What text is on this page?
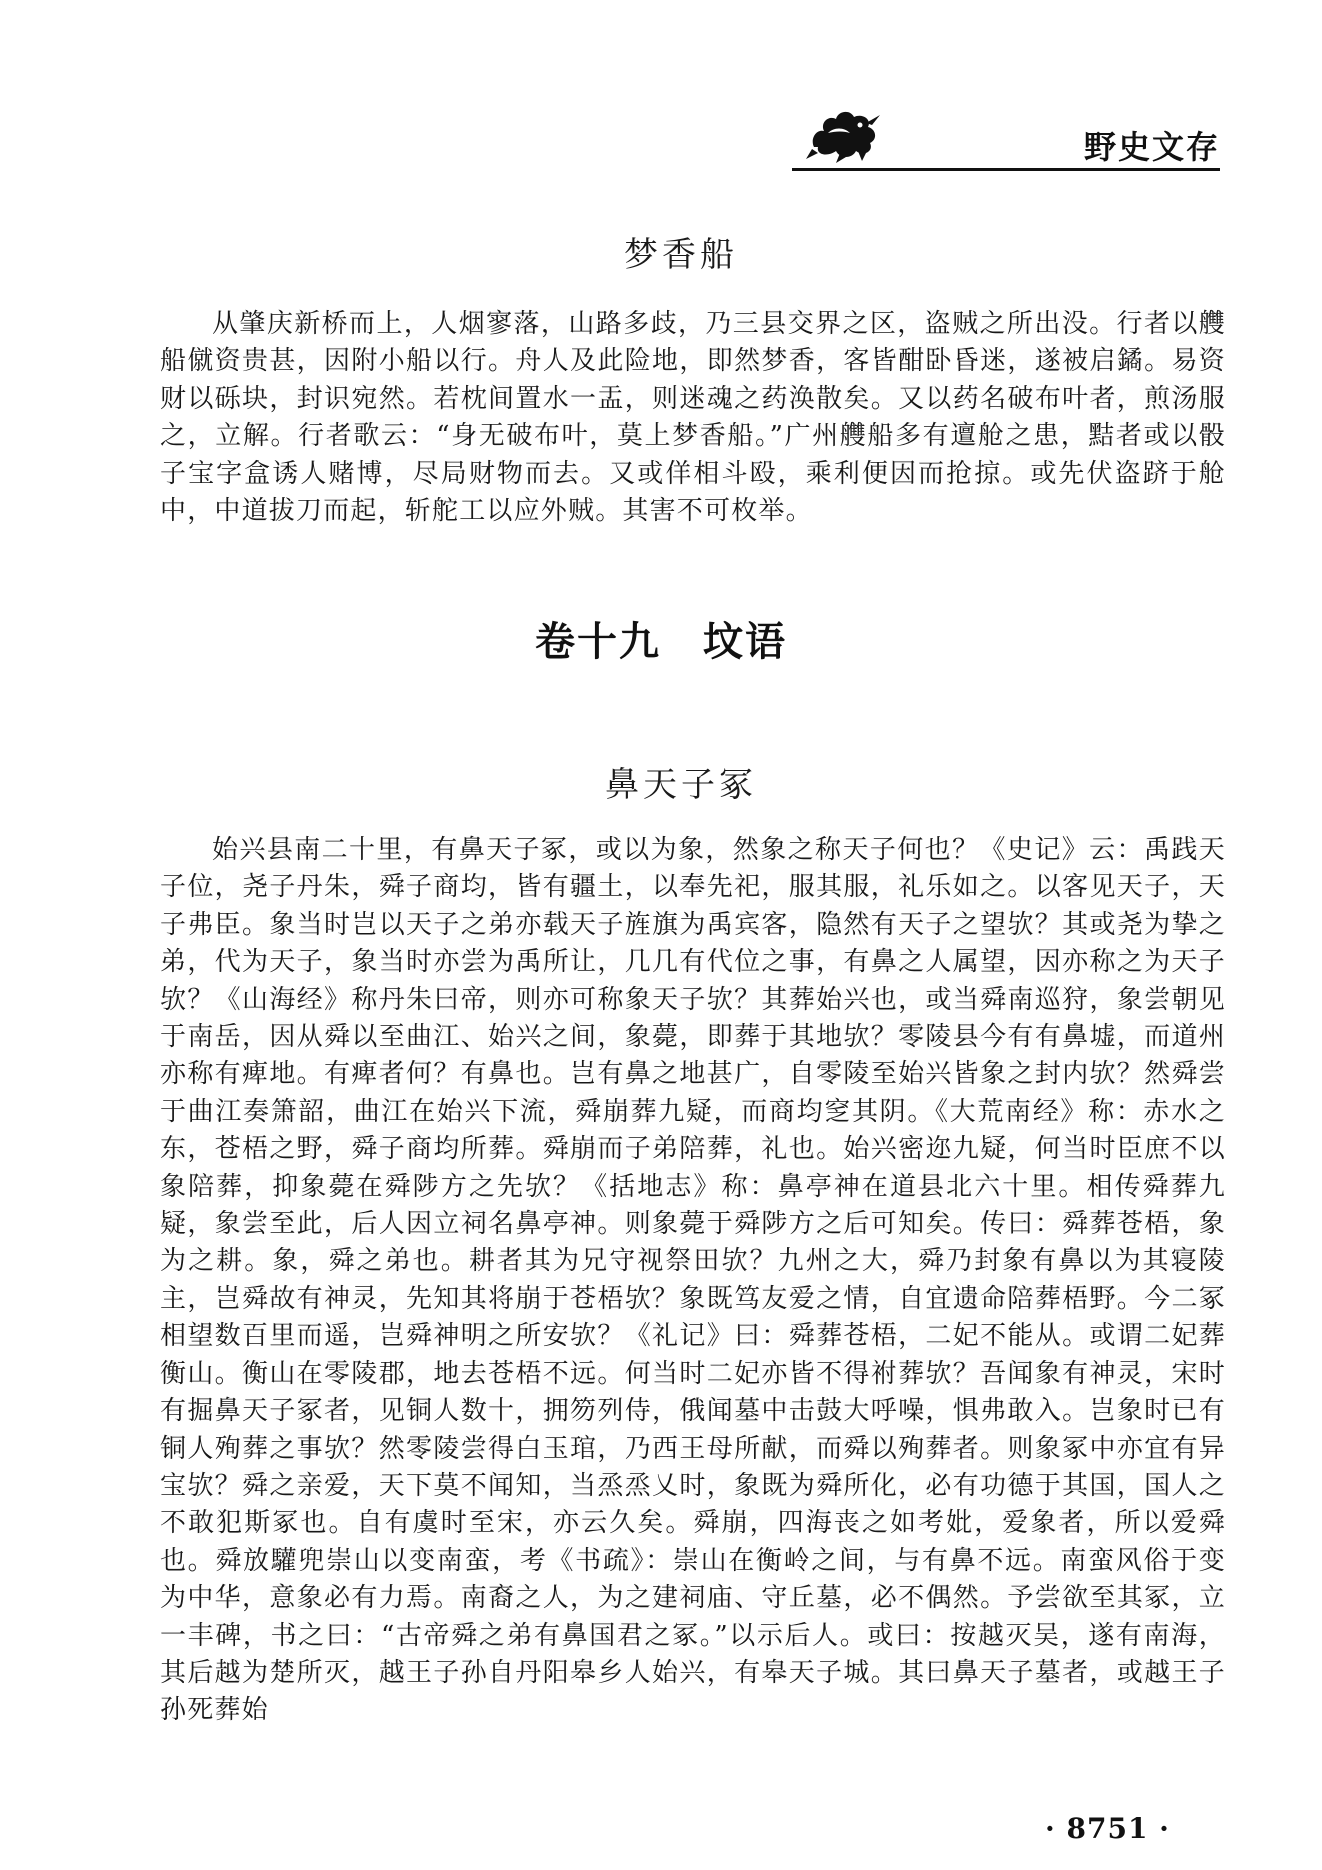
野史文存
梦香船

从肇庆新桥而上，人烟寥落，山路多歧，乃三县交界之区，盗贼之所出没。行者以艭船僦资贵甚，因附小船以行。舟人及此险地，即然梦香，客皆酣卧昏迷，遂被启鐍。易资财以砾块，封识宛然。若枕间置水一盂，则迷魂之药涣散矣。又以药名破布叶者，煎汤服之，立解。行者歌云：“身无破布叶，莫上梦香船。”广州艭船多有邅舱之患，黠者或以骰子宝字盒诱人赌博，尽局财物而去。又或佯相斗殴，乘利便因而抢掠。或先伏盗跻于舱中，中道拔刀而起，斩舵工以应外贼。其害不可枚举。

卷十九　坟语
鼻天子冢

始兴县南二十里，有鼻天子冢，或以为象，然象之称天子何也？《史记》云：禹践天子位，尧子丹朱，舜子商均，皆有疆土，以奉先祀，服其服，礼乐如之。以客见天子，天子弗臣。象当时岂以天子之弟亦载天子旌旗为禹宾客，隐然有天子之望欤？其或尧为挚之弟，代为天子，象当时亦尝为禹所让，几几有代位之事，有鼻之人属望，因亦称之为天子欤？《山海经》称丹朱曰帝，则亦可称象天子欤？其葬始兴也，或当舜南巡狩，象尝朝见于南岳，因从舜以至曲江、始兴之间，象薨，即葬于其地欤？零陵县今有有鼻墟，而道州亦称有痺地。有痺者何？有鼻也。岂有鼻之地甚广，自零陵至始兴皆象之封内欤？然舜尝于曲江奏箫韶，曲江在始兴下流，舜崩葬九疑，而商均窆其阴。《大荒南经》称：赤水之东，苍梧之野，舜子商均所葬。舜崩而子弟陪葬，礼也。始兴密迩九疑，何当时臣庶不以象陪葬，抑象薨在舜陟方之先欤？《括地志》称：鼻亭神在道县北六十里。相传舜葬九疑，象尝至此，后人因立祠名鼻亭神。则象薨于舜陟方之后可知矣。传曰：舜葬苍梧，象为之耕。象，舜之弟也。耕者其为兄守视祭田欤？九州之大，舜乃封象有鼻以为其寝陵主，岂舜故有神灵，先知其将崩于苍梧欤？象既笃友爱之情，自宜遗命陪葬梧野。今二冢相望数百里而遥，岂舜神明之所安欤？《礼记》曰：舜葬苍梧，二妃不能从。或谓二妃葬衡山。衡山在零陵郡，地去苍梧不远。何当时二妃亦皆不得祔葬欤？吾闻象有神灵，宋时有掘鼻天子冢者，见铜人数十，拥笏列侍，俄闻墓中击鼓大呼噪，惧弗敢入。岂象时已有铜人殉葬之事欤？然零陵尝得白玉琯，乃西王母所献，而舜以殉葬者。则象冢中亦宜有异宝欤？舜之亲爱，天下莫不闻知，当烝烝乂时，象既为舜所化，必有功德于其国，国人之不敢犯斯冢也。自有虞时至宋，亦云久矣。舜崩，四海丧之如考妣，爱象者，所以爱舜也。舜放驩兜崇山以变南蛮，考《书疏》：崇山在衡岭之间，与有鼻不远。南蛮风俗于变为中华，意象必有力焉。南裔之人，为之建祠庙、守丘墓，必不偶然。予尝欲至其冢，立一丰碑，书之曰：“古帝舜之弟有鼻国君之冢。”以示后人。或曰：按越灭吴，遂有南海，其后越为楚所灭，越王子孙自丹阳皋乡人始兴，有皋天子城。其曰鼻天子墓者，或越王子孙死葬始

· 8751 ·
